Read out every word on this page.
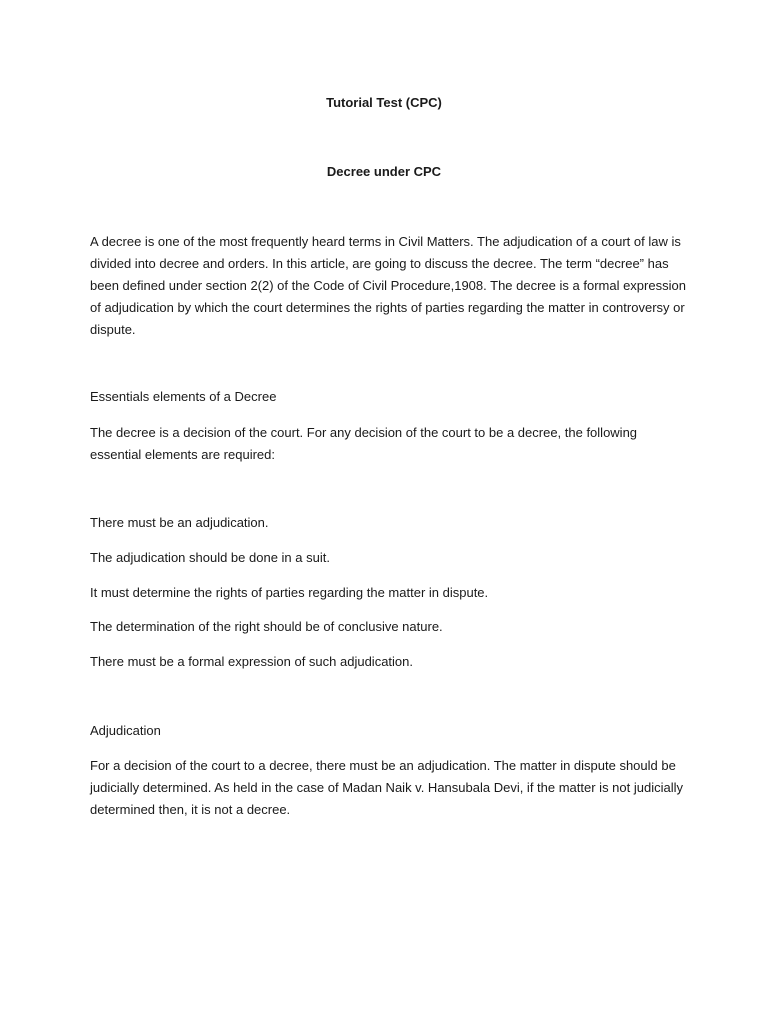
Tutorial Test (CPC)
Decree under CPC

A decree is one of the most frequently heard terms in Civil Matters. The adjudication of a court of law is divided into decree and orders. In this article, are going to discuss the decree. The term “decree” has been defined under section 2(2) of the Code of Civil Procedure,1908. The decree is a formal expression of adjudication by which the court determines the rights of parties regarding the matter in controversy or dispute.

Essentials elements of a Decree

The decree is a decision of the court. For any decision of the court to be a decree, the following essential elements are required:

There must be an adjudication.

The adjudication should be done in a suit.

It must determine the rights of parties regarding the matter in dispute.

The determination of the right should be of conclusive nature.

There must be a formal expression of such adjudication.

Adjudication

For a decision of the court to a decree, there must be an adjudication. The matter in dispute should be judicially determined. As held in the case of Madan Naik v. Hansubala Devi, if the matter is not judicially determined then, it is not a decree.
